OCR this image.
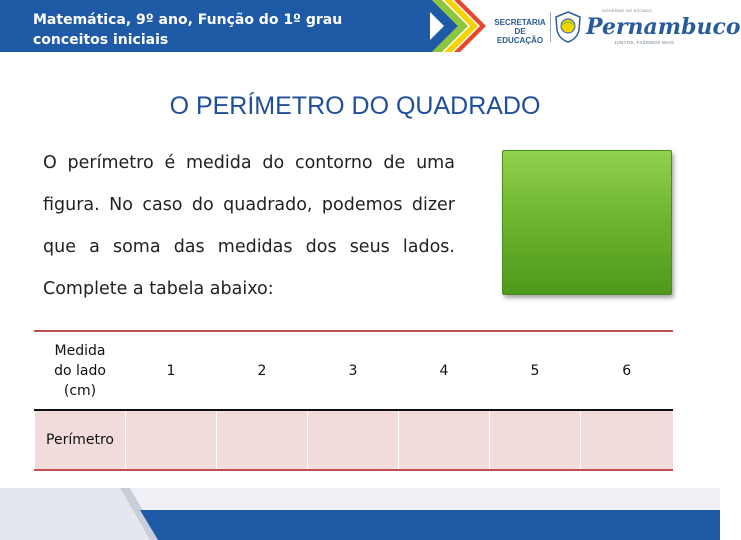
Matemática, 9º ano, Função do 1º grau
conceitos iniciais
SECRETARIA
DE EDUCAÇÃO
GOVERNO DO ESTADO
Pernambuco
JUNTOS, FAZEMOS MAIS
O PERÍMETRO DO QUADRADO
O perímetro é medida do contorno de uma
figura. No caso do quadrado, podemos dizer
que a soma das medidas dos seus lados.
Complete a tabela abaixo:
Medida
do lado
(cm)	1	2	3	4	5	6
Perímetro						
